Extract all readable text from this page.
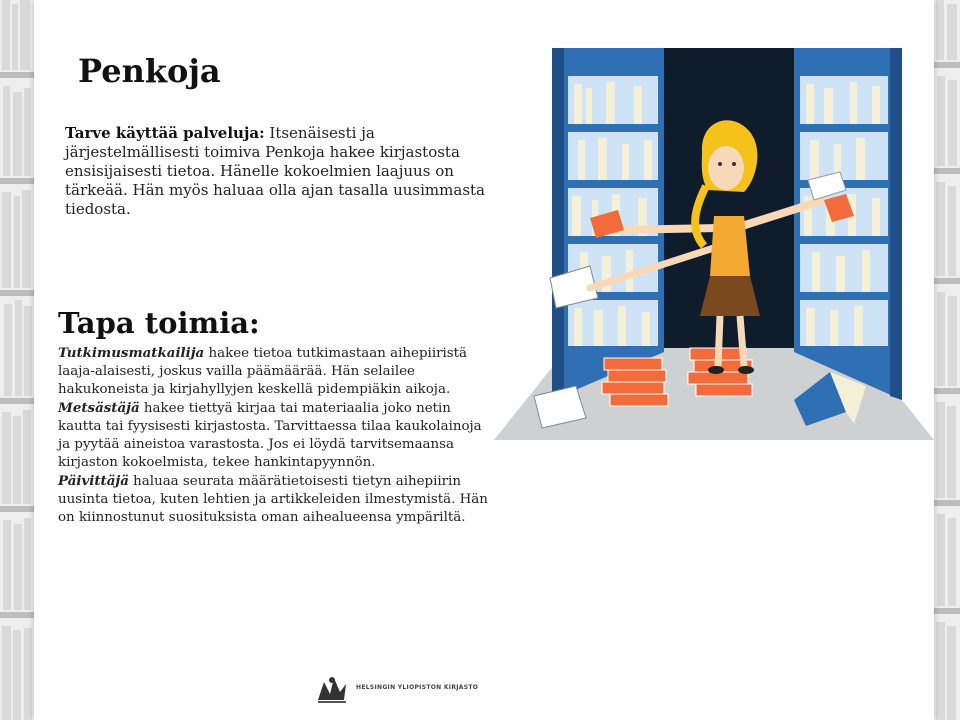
Penkoja

Tarve käyttää palveluja: Itsenäisesti ja järjestelmällisesti toimiva Penkoja hakee kirjastosta ensisijaisesti tietoa. Hänelle kokoelmien laajuus on tärkeää. Hän myös haluaa olla ajan tasalla uusimmasta tiedosta.

Tapa toimia:

Tutkimusmatkailija hakee tietoa tutkimastaan aihepiiristä laaja-alaisesti, joskus vailla päämäärää. Hän selailee hakukoneista ja kirjahyllyjen keskellä pidempiäkin aikoja.

Metsästäjä hakee tiettyä kirjaa tai materiaalia joko netin kautta tai fyysisesti kirjastosta. Tarvittaessa tilaa kaukolainoja ja pyytää aineistoa varastosta. Jos ei löydä tarvitsemaansa kirjaston kokoelmista, tekee hankintapyynnön.

Päivittäjä haluaa seurata määrätietoisesti tietyn aihepiirin uusinta tietoa, kuten lehtien ja artikkeleiden ilmestymistä. Hän on kiinnostunut suosituksista oman aihealueensa ympäriltä.

HELSINGIN YLIOPISTON KIRJASTO
